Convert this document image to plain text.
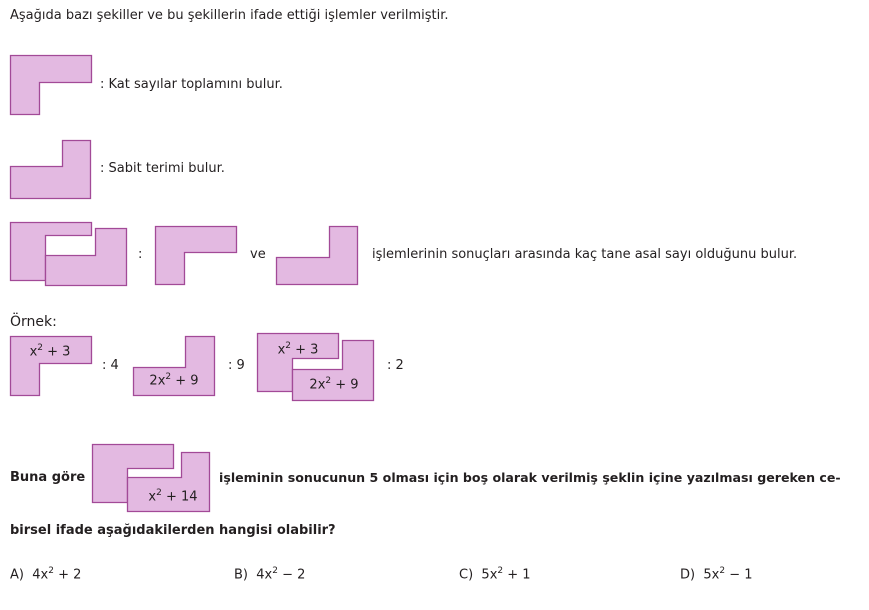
Aşağıda bazı şekiller ve bu şekillerin ifade ettiği işlemler verilmiştir.
: Kat sayılar toplamını bulur.
: Sabit terimi bulur.
:	ve	işlemlerinin sonuçları arasında kaç tane asal sayı olduğunu bulur.
Örnek:
$x^2 + 3$
: 4
$2x^2 + 9$
: 9
$x^2 + 3$
$2x^2 + 9$
: 2
Buna göre
$x^2 + 14$
işleminin sonucunun 5 olması için boş olarak verilmiş şeklin içine yazılması gereken ce-
birsel ifade aşağıdakilerden hangisi olabilir?
A) $4x^2 + 2$	B) $4x^2 - 2$	C) $5x^2 + 1$	D) $5x^2 - 1$
